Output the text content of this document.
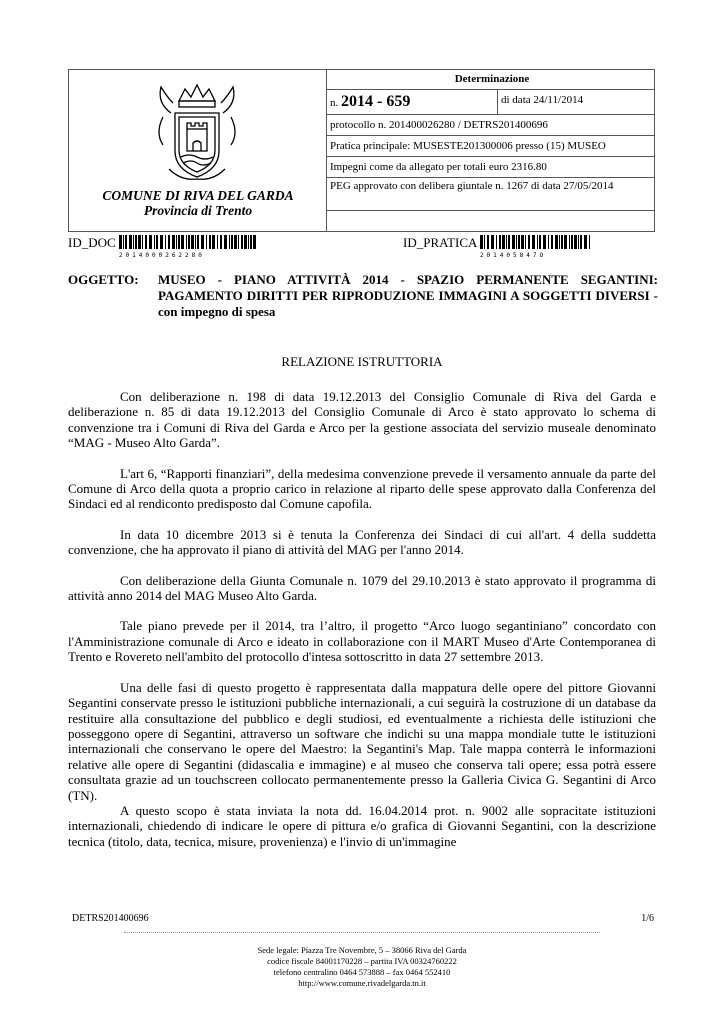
COMUNE DI RIVA DEL GARDA
Provincia di Trento
Determinazione
n. 2014 - 659	di data 24/11/2014
protocollo n. 201400026280 / DETRS201400696
Pratica principale: MUSESTE201300006 presso (15) MUSEO
Impegni come da allegato per totali euro 2316.80
PEG approvato con delibera giuntale n. 1267 di data 27/05/2014
ID_DOC
2014000262280
ID_PRATICA
201405847О
OGGETTO: MUSEO - PIANO ATTIVITÀ 2014 - SPAZIO PERMANENTE SEGANTINI: PAGAMENTO DIRITTI PER RIPRODUZIONE IMMAGINI A SOGGETTI DIVERSI - con impegno di spesa
RELAZIONE ISTRUTTORIA

Con deliberazione n. 198 di data 19.12.2013 del Consiglio Comunale di Riva del Garda e deliberazione n. 85 di data 19.12.2013 del Consiglio Comunale di Arco è stato approvato lo schema di convenzione tra i Comuni di Riva del Garda e Arco per la gestione associata del servizio museale denominato “MAG - Museo Alto Garda”.

L'art 6, “Rapporti finanziari”, della medesima convenzione prevede il versamento annuale da parte del Comune di Arco della quota a proprio carico in relazione al riparto delle spese approvato dalla Conferenza del Sindaci ed al rendiconto predisposto dal Comune capofila.

In data 10 dicembre 2013 si è tenuta la Conferenza dei Sindaci di cui all'art. 4 della suddetta convenzione, che ha approvato il piano di attività del MAG per l'anno 2014.

Con deliberazione della Giunta Comunale n. 1079 del 29.10.2013 è stato approvato il programma di attività anno 2014 del MAG Museo Alto Garda.

Tale piano prevede per il 2014, tra l’altro, il progetto “Arco luogo segantiniano” concordato con l'Amministrazione comunale di Arco e ideato in collaborazione con il MART Museo d'Arte Contemporanea di Trento e Rovereto nell'ambito del protocollo d'intesa sottoscritto in data 27 settembre 2013.

Una delle fasi di questo progetto è rappresentata dalla mappatura delle opere del pittore Giovanni Segantini conservate presso le istituzioni pubbliche internazionali, a cui seguirà la costruzione di un database da restituire alla consultazione del pubblico e degli studiosi, ed eventualmente a richiesta delle istituzioni che posseggono opere di Segantini, attraverso un software che indichi su una mappa mondiale tutte le istituzioni internazionali che conservano le opere del Maestro: la Segantini's Map. Tale mappa conterrà le informazioni relative alle opere di Segantini (didascalia e immagine) e al museo che conserva tali opere; essa potrà essere consultata grazie ad un touchscreen collocato permanentemente presso la Galleria Civica G. Segantini di Arco (TN).

A questo scopo è stata inviata la nota dd. 16.04.2014 prot. n. 9002 alle sopracitate istituzioni internazionali, chiedendo di indicare le opere di pittura e/o grafica di Giovanni Segantini, con la descrizione tecnica (titolo, data, tecnica, misure, provenienza) e l'invio di un'immagine

DETRS201400696	1/6
Sede legale: Piazza Tre Novembre, 5 – 38066 Riva del Garda
codice fiscale 84001170228 – partita IVA 00324760222
telefono centralino 0464 573888 – fax 0464 552410
http://www.comune.rivadelgarda.tn.it
